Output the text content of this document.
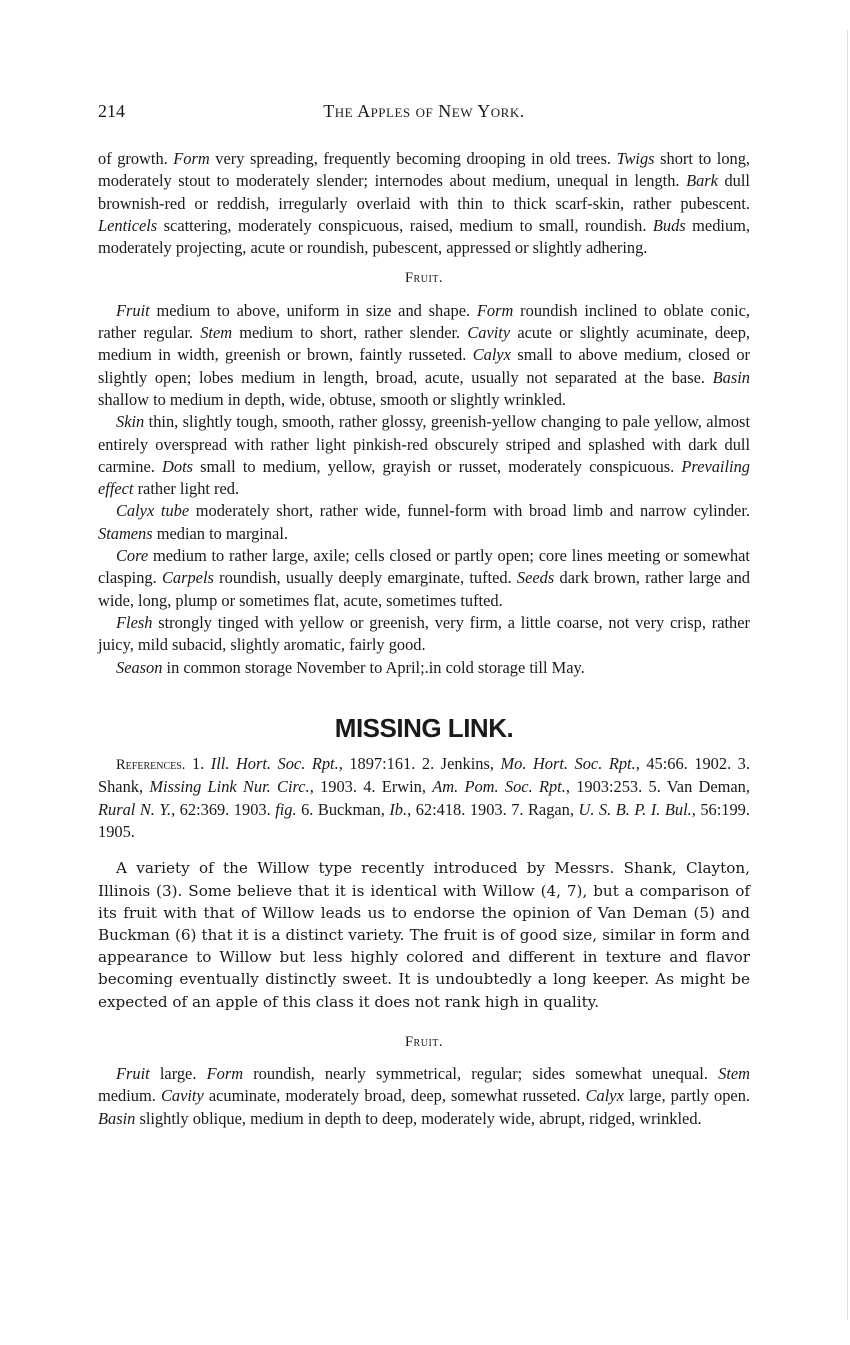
214	The Apples of New York.

of growth. Form very spreading, frequently becoming drooping in old trees. Twigs short to long, moderately stout to moderately slender; internodes about medium, unequal in length. Bark dull brownish-red or reddish, irregularly overlaid with thin to thick scarf-skin, rather pubescent. Lenticels scattering, moderately conspicuous, raised, medium to small, roundish. Buds medium, moderately projecting, acute or roundish, pubescent, appressed or slightly adhering.

Fruit.

Fruit medium to above, uniform in size and shape. Form roundish inclined to oblate conic, rather regular. Stem medium to short, rather slender. Cavity acute or slightly acuminate, deep, medium in width, greenish or brown, faintly russeted. Calyx small to above medium, closed or slightly open; lobes medium in length, broad, acute, usually not separated at the base. Basin shallow to medium in depth, wide, obtuse, smooth or slightly wrinkled.

Skin thin, slightly tough, smooth, rather glossy, greenish-yellow changing to pale yellow, almost entirely overspread with rather light pinkish-red obscurely striped and splashed with dark dull carmine. Dots small to medium, yellow, grayish or russet, moderately conspicuous. Prevailing effect rather light red.

Calyx tube moderately short, rather wide, funnel-form with broad limb and narrow cylinder. Stamens median to marginal.

Core medium to rather large, axile; cells closed or partly open; core lines meeting or somewhat clasping. Carpels roundish, usually deeply emarginate, tufted. Seeds dark brown, rather large and wide, long, plump or sometimes flat, acute, sometimes tufted.

Flesh strongly tinged with yellow or greenish, very firm, a little coarse, not very crisp, rather juicy, mild subacid, slightly aromatic, fairly good.

Season in common storage November to April;.in cold storage till May.

MISSING LINK.

References. 1. Ill. Hort. Soc. Rpt., 1897:161. 2. Jenkins, Mo. Hort. Soc. Rpt., 45:66. 1902. 3. Shank, Missing Link Nur. Circ., 1903. 4. Erwin, Am. Pom. Soc. Rpt., 1903:253. 5. Van Deman, Rural N. Y., 62:369. 1903. fig. 6. Buckman, Ib., 62:418. 1903. 7. Ragan, U. S. B. P. I. Bul., 56:199. 1905.

A variety of the Willow type recently introduced by Messrs. Shank, Clayton, Illinois (3). Some believe that it is identical with Willow (4, 7), but a comparison of its fruit with that of Willow leads us to endorse the opinion of Van Deman (5) and Buckman (6) that it is a distinct variety. The fruit is of good size, similar in form and appearance to Willow but less highly colored and different in texture and flavor becoming eventually distinctly sweet. It is undoubtedly a long keeper. As might be expected of an apple of this class it does not rank high in quality.

Fruit.

Fruit large. Form roundish, nearly symmetrical, regular; sides somewhat unequal. Stem medium. Cavity acuminate, moderately broad, deep, somewhat russeted. Calyx large, partly open. Basin slightly oblique, medium in depth to deep, moderately wide, abrupt, ridged, wrinkled.
